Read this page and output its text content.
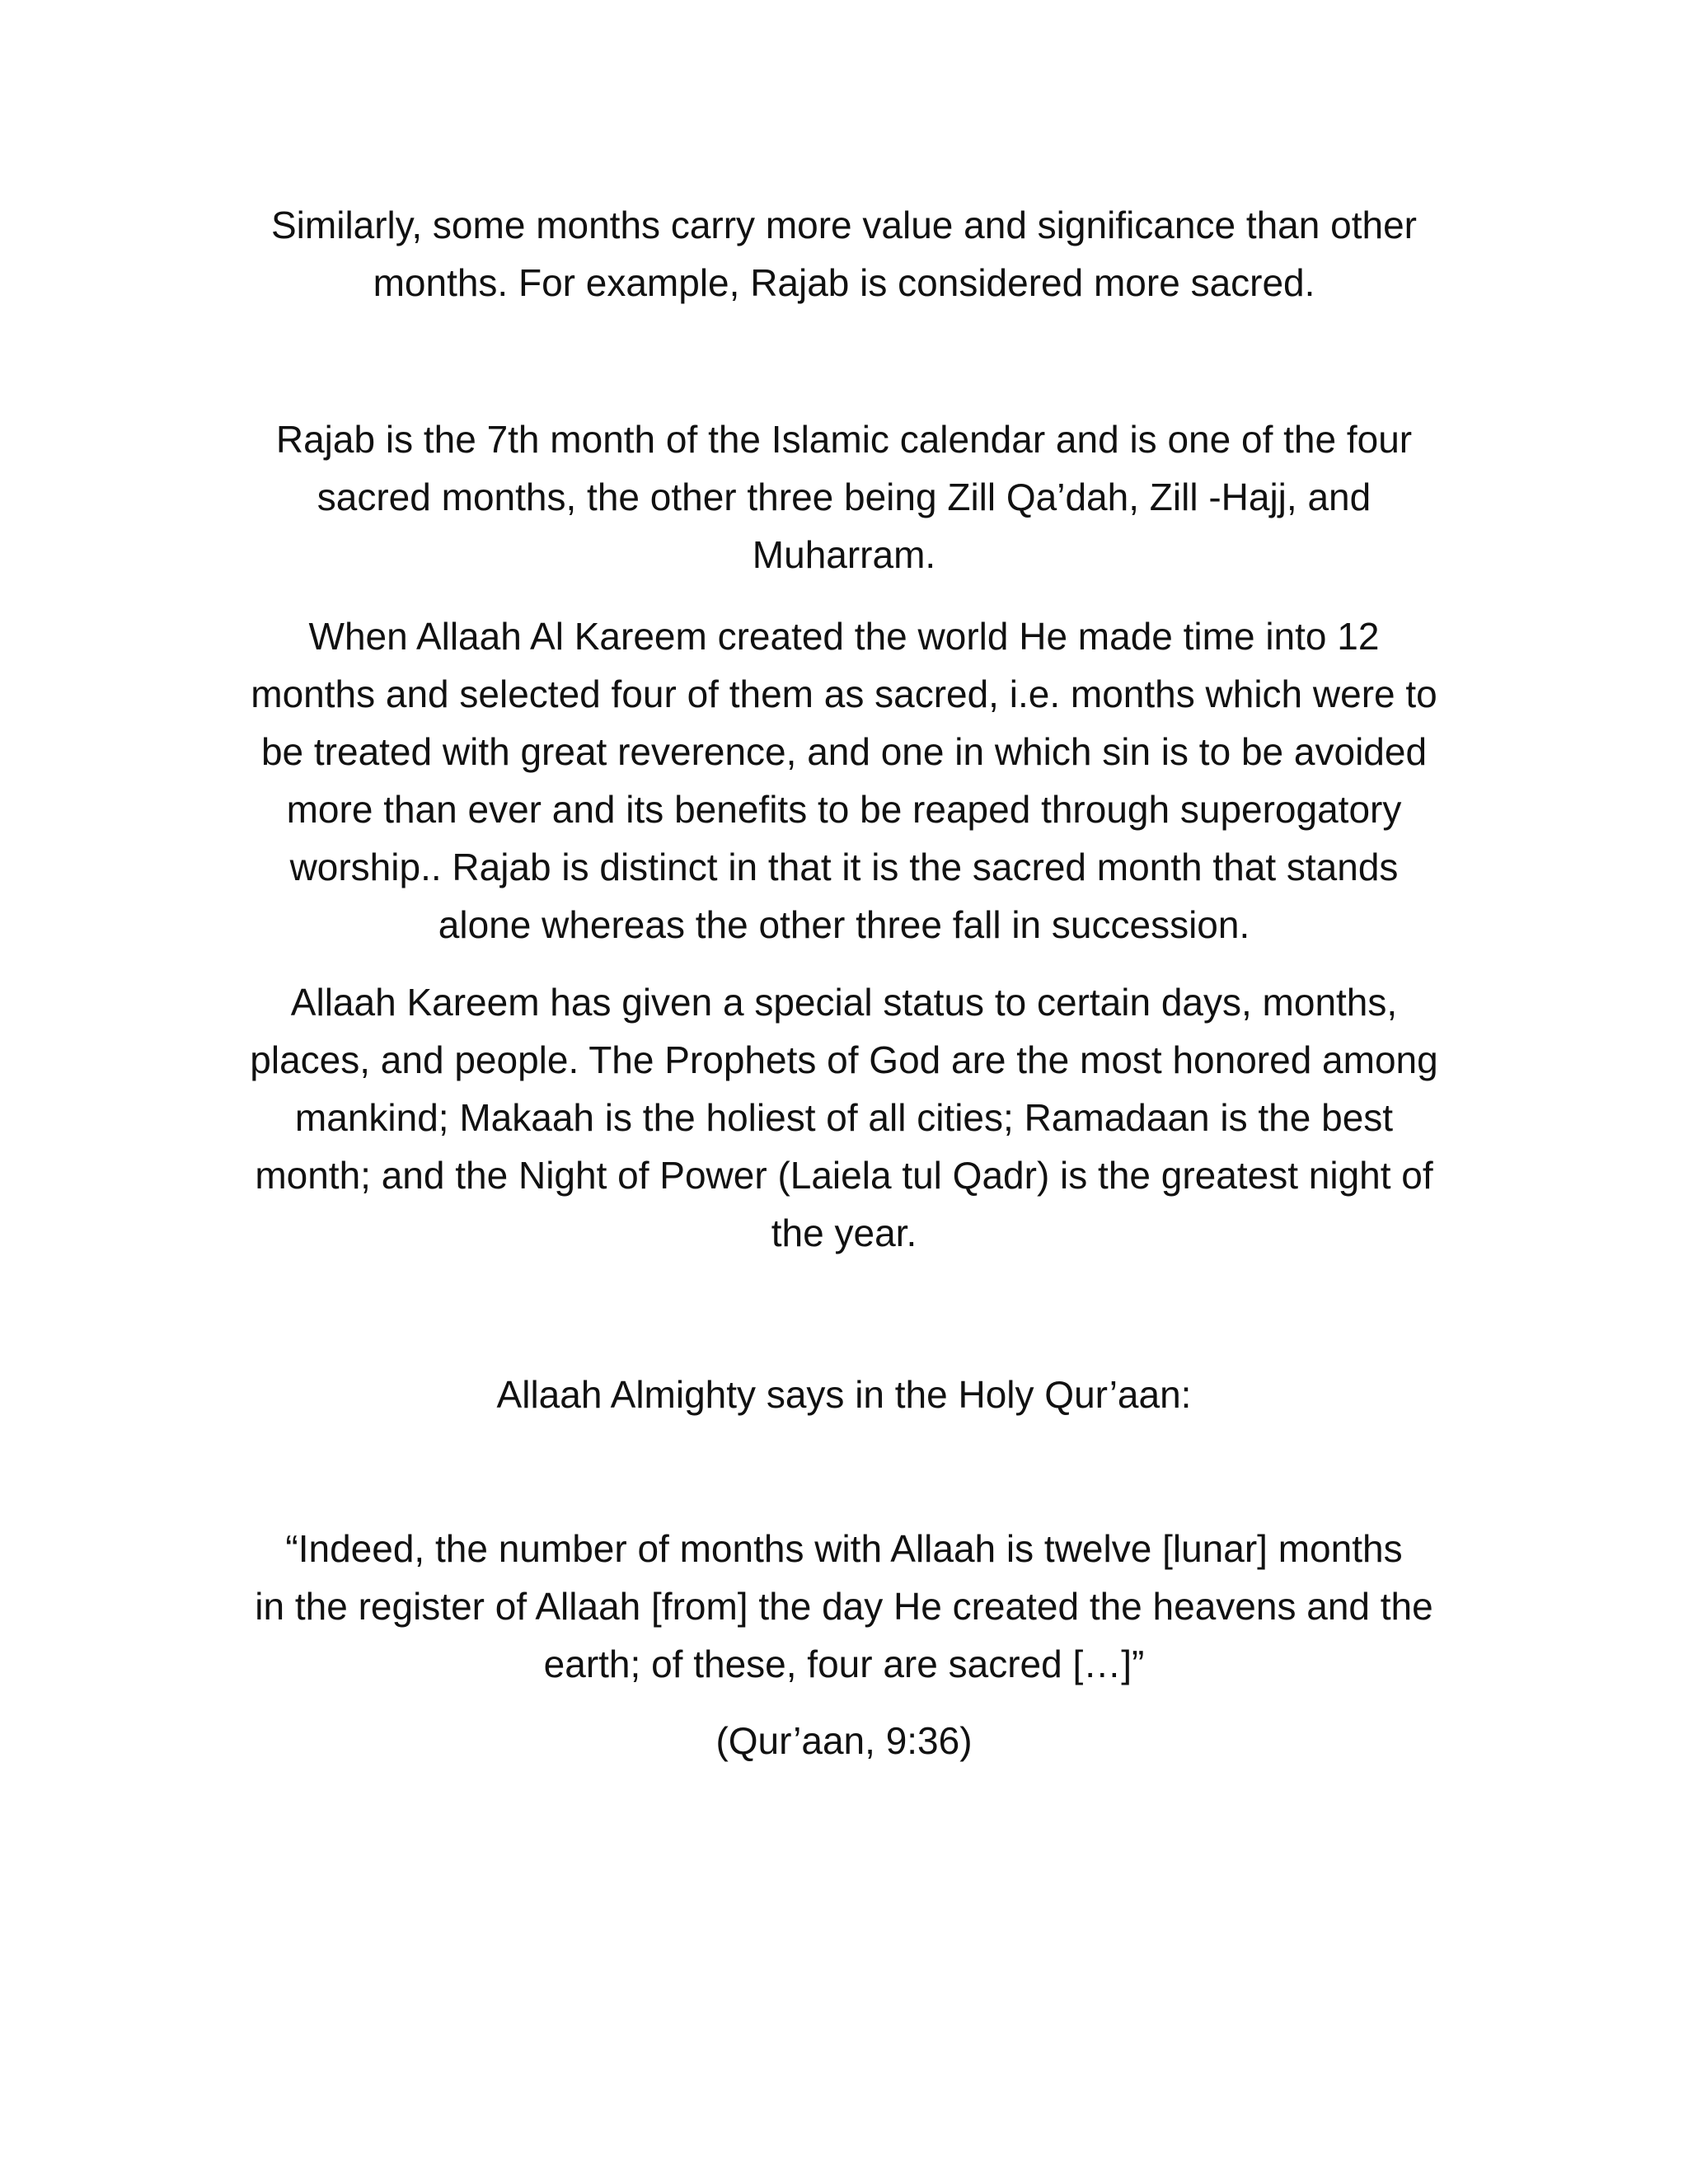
Similarly, some months carry more value and significance than other
months. For example, Rajab is considered more sacred.
Rajab is the 7th month of the Islamic calendar and is one of the four
sacred months, the other three being Zill Qa’dah, Zill -Hajj, and
Muharram.
When Allaah Al Kareem created the world He made time into 12
months and selected four of them as sacred, i.e. months which were to
be treated with great reverence, and one in which sin is to be avoided
more than ever and its benefits to be reaped through superogatory
worship.. Rajab is distinct in that it is the sacred month that stands
alone whereas the other three fall in succession.
Allaah Kareem has given a special status to certain days, months,
places, and people. The Prophets of God are the most honored among
mankind; Makaah is the holiest of all cities; Ramadaan is the best
month; and the Night of Power (Laiela tul Qadr) is the greatest night of
the year.
Allaah Almighty says in the Holy Qur’aan:
“Indeed, the number of months with Allaah is twelve [lunar] months
in the register of Allaah [from] the day He created the heavens and the
earth; of these, four are sacred […]”
(Qur’aan, 9:36)
